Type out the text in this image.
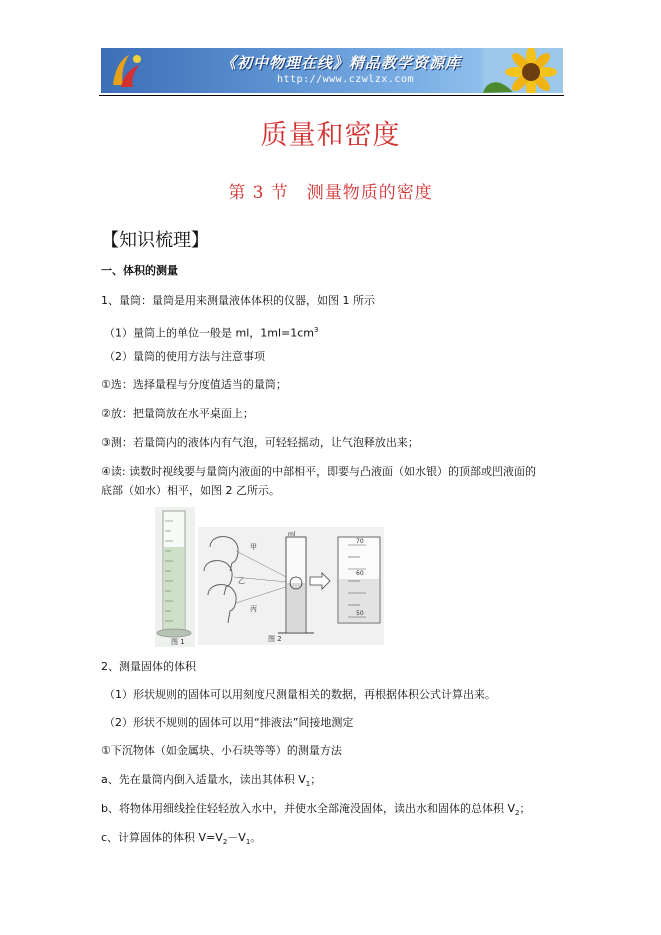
《初中物理在线》精品教学资源库
http://www.czwlzx.com
质量和密度
第 3 节　测量物质的密度
【知识梳理】
一、体积的测量
1、量筒：量筒是用来测量液体体积的仪器，如图 1 所示
（1）量筒上的单位一般是 ml，$1ml=1cm^3$
（2）量筒的使用方法与注意事项
①选：选择量程与分度值适当的量筒；
②放：把量筒放在水平桌面上；
③测：若量筒内的液体内有气泡，可轻轻摇动，让气泡释放出来；
④读: 读数时视线要与量筒内液面的中部相平，即要与凸液面（如水银）的顶部或凹液面的
底部（如水）相平，如图 2 乙所示。
图 1
甲
乙
丙
ml
70
60
50
图 2
2、测量固体的体积
（1）形状规则的固体可以用刻度尺测量相关的数据，再根据体积公式计算出来。
（2）形状不规则的固体可以用“排液法”间接地测定
①下沉物体（如金属块、小石块等等）的测量方法
a、先在量筒内倒入适量水，读出其体积 $V_1$；
b、将物体用细线拴住轻轻放入水中，并使水全部淹没固体，读出水和固体的总体积 $V_2$；
c、计算固体的体积 $V=V_2-V_1$。
